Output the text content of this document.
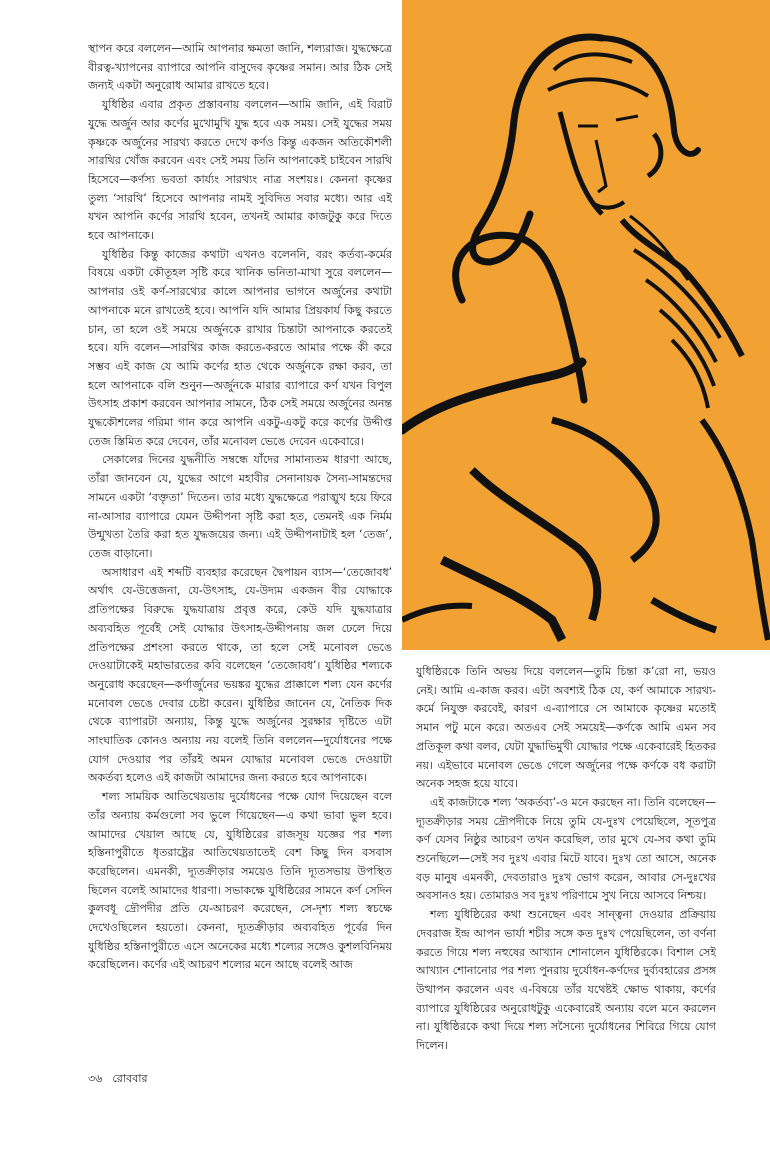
স্থাপন করে বললেন—আমি আপনার ক্ষমতা জানি, শল্যরাজ। যুদ্ধক্ষেত্রে বীরত্ব-খ্যাপনের ব্যাপারে আপনি বাসুদেব কৃষ্ণের সমান। আর ঠিক সেই জন্যই একটা অনুরোধ আমার রাখতে হবে।

যুধিষ্ঠির এবার প্রকৃত প্রস্তাবনায় বললেন—আমি জানি, এই বিরাট যুদ্ধে অর্জুন আর কর্ণের মুখোমুখি যুদ্ধ হবে এক সময়। সেই যুদ্ধের সময় কৃষ্ণকে অর্জুনের সারথ্য করতে দেখে কর্ণও কিন্তু একজন অতিকৌশলী সারথির খোঁজ করবেন এবং সেই সময় তিনি আপনাকেই চাইবেন সারথি হিসেবে—কর্ণস্য ভবতা কার্য্যং সারথ্যং নাত্র সংশয়ঃ। কেননা কৃষ্ণের তুল্য ‘সারথি’ হিসেবে আপনার নামই সুবিদিত সবার মধ্যে। আর এই যখন আপনি কর্ণের সারথি হবেন, তখনই আমার কাজটুকু করে দিতে হবে আপনাকে।

যুধিষ্ঠির কিন্তু কাজের কথাটা এখনও বলেননি, বরং কর্তব্য-কর্মের বিষয়ে একটা কৌতূহল সৃষ্টি করে খানিক ভনিতা-মাখা সুরে বললেন—আপনার ওই কর্ণ-সারথ্যের কালে আপনার ভাগনে অর্জুনের কথাটা আপনাকে মনে রাখতেই হবে। আপনি যদি আমার প্রিয়কার্য কিছু করতে চান, তা হলে ওই সময়ে অর্জুনকে রাখার চিন্তাটা আপনাকে করতেই হবে। যদি বলেন—সারথির কাজ করতে-করতে আমার পক্ষে কী করে সম্ভব এই কাজ যে আমি কর্ণের হাত থেকে অর্জুনকে রক্ষা করব, তা হলে আপনাকে বলি শুনুন—অর্জুনকে মারার ব্যাপারে কর্ণ যখন বিপুল উৎসাহ প্রকাশ করবেন আপনার সামনে, ঠিক সেই সময়ে অর্জুনের অনন্ত যুদ্ধকৌশলের গরিমা গান করে আপনি একটু-একটু করে কর্ণের উদ্দীপ্ত তেজ স্তিমিত করে দেবেন, তাঁর মনোবল ভেঙে দেবেন একেবারে।

সেকালের দিনের যুদ্ধনীতি সম্বন্ধে যাঁদের সামান্যতম ধারণা আছে, তাঁরা জানবেন যে, যুদ্ধের আগে মহাবীর সেনানায়ক সৈন্য-সামন্তদের সামনে একটা ‘বক্তৃতা’ দিতেন। তার মধ্যে যুদ্ধক্ষেত্রে পরাঙ্মুখ হয়ে ফিরে না-আসার ব্যাপারে যেমন উদ্দীপনা সৃষ্টি করা হত, তেমনই এক নির্মম উন্মুখতা তৈরি করা হত যুদ্ধজয়ের জন্য। এই উদ্দীপনাটাই হল ‘তেজ’, তেজ বাড়ানো।

অসাধারণ এই শব্দটি ব্যবহার করেছেন দ্বৈপায়ন ব্যাস—‘তেজোবধ’ অর্থাৎ যে-উত্তেজনা, যে-উৎসাহ, যে-উদ্যম একজন বীর যোদ্ধাকে প্রতিপক্ষের বিরুদ্ধে যুদ্ধযাত্রায় প্রবৃত্ত করে, কেউ যদি যুদ্ধযাত্রার অব্যবহিত পূর্বেই সেই যোদ্ধার উৎসাহ-উদ্দীপনায় জল ঢেলে দিয়ে প্রতিপক্ষের প্রশংসা করতে থাকে, তা হলে সেই মনোবল ভেঙে দেওয়াটাকেই মহাভারতের কবি বলেছেন ‘তেজোবধ’। যুধিষ্ঠির শল্যকে অনুরোধ করেছেন—কর্ণার্জুনের ভয়ঙ্কর যুদ্ধের প্রাক্কালে শল্য যেন কর্ণের মনোবল ভেঙে দেবার চেষ্টা করেন। যুধিষ্ঠির জানেন যে, নৈতিক দিক থেকে ব্যাপারটা অন্যায়, কিন্তু যুদ্ধে অর্জুনের সুরক্ষার দৃষ্টিতে এটা সাংঘাতিক কোনও অন্যায় নয় বলেই তিনি বললেন—দুর্যোধনের পক্ষে যোগ দেওয়ার পর তাঁরই অমন যোদ্ধার মনোবল ভেঙে দেওয়াটা অকর্তব্য হলেও এই কাজটা আমাদের জন্য করতে হবে আপনাকে।

শল্য সাময়িক আতিথেয়তায় দুর্যোধনের পক্ষে যোগ দিয়েছেন বলে তাঁর অন্যায় কর্মগুলো সব ভুলে গিয়েছেন—এ কথা ভাবা ভুল হবে। আমাদের খেয়াল আছে যে, যুধিষ্ঠিরের রাজসূয় যজ্ঞের পর শল্য হস্তিনাপুরীতে ধৃতরাষ্ট্রের আতিথেয়তাতেই বেশ কিছু দিন বসবাস করেছিলেন। এমনকী, দ্যূতক্রীড়ার সময়েও তিনি দ্যূতসভায় উপস্থিত ছিলেন বলেই আমাদের ধারণা। সভাকক্ষে যুধিষ্ঠিরের সামনে কর্ণ সেদিন কুলবধূ দ্রৌপদীর প্রতি যে-আচরণ করেছেন, সে-দৃশ্য শল্য স্বচক্ষে দেখেওছিলেন হয়তো। কেননা, দ্যূতক্রীড়ার অব্যবহিত পূর্বের দিন যুধিষ্ঠির হস্তিনাপুরীতে এসে অনেকের মধ্যে শল্যের সঙ্গেও কুশলবিনিময় করেছিলেন। কর্ণের এই আচরণ শল্যের মনে আছে বলেই আজ

যুধিষ্ঠিরকে তিনি অভয় দিয়ে বললেন—তুমি চিন্তা ক’রো না, ভয়ও নেই। আমি এ-কাজ করব। এটা অবশ্যই ঠিক যে, কর্ণ আমাকে সারথ্য-কর্মে নিযুক্ত করবেই, কারণ এ-ব্যাপারে সে আমাকে কৃষ্ণের মতোই সমান পটু মনে করে। অতএব সেই সময়েই—কর্ণকে আমি এমন সব প্রতিকূল কথা বলব, যেটা যুদ্ধাভিমুখী যোদ্ধার পক্ষে একেবারেই হিতকর নয়। এইভাবে মনোবল ভেঙে গেলে অর্জুনের পক্ষে কর্ণকে বধ করাটা অনেক সহজ হয়ে যাবে।

এই কাজটাকে শল্য ‘অকর্তব্য’-ও মনে করছেন না। তিনি বলেছেন—দ্যূতক্রীড়ার সময় দ্রৌপদীকে নিয়ে তুমি যে-দুঃখ পেয়েছিলে, সূতপুত্র কর্ণ যেসব নিষ্ঠুর আচরণ তখন করেছিল, তার মুখে যে-সব কথা তুমি শুনেছিলে—সেই সব দুঃখ এবার মিটে যাবে। দুঃখ তো আসে, অনেক বড় মানুষ এমনকী, দেবতারাও দুঃখ ভোগ করেন, আবার সে-দুঃখের অবসানও হয়। তোমারও সব দুঃখ পরিণামে সুখ নিয়ে আসবে নিশ্চয়।

শল্য যুধিষ্ঠিরের কথা শুনেছেন এবং সান্ত্বনা দেওয়ার প্রক্রিয়ায় দেবরাজ ইন্দ্র আপন ভার্যা শচীর সঙ্গে কত দুঃখ পেয়েছিলেন, তা বর্ণনা করতে গিয়ে শল্য নহুষের আখ্যান শোনালেন যুধিষ্ঠিরকে। বিশাল সেই আখ্যান শোনানোর পর শল্য পুনরায় দুর্যোধন-কর্ণদের দুর্ব্যবহারের প্রসঙ্গ উত্থাপন করলেন এবং এ-বিষয়ে তাঁর যথেষ্টই ক্ষোভ থাকায়, কর্ণের ব্যাপারে যুধিষ্ঠিরের অনুরোধটুকু একেবারেই অন্যায় বলে মনে করলেন না। যুধিষ্ঠিরকে কথা দিয়ে শল্য সসৈন্যে দুর্যোধনের শিবিরে গিয়ে যোগ দিলেন।

৩৬ রোববার
